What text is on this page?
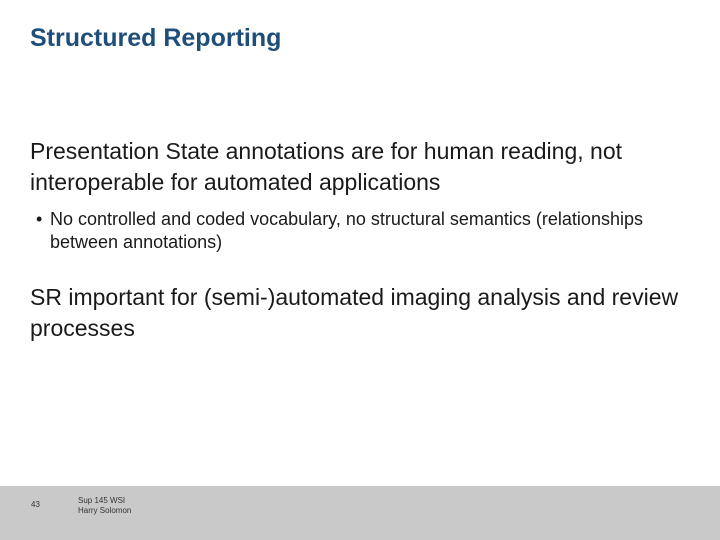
Structured Reporting

Presentation State annotations are for human reading, not interoperable for automated applications

• No controlled and coded vocabulary, no structural semantics (relationships between annotations)

SR important for (semi-)automated imaging analysis and review processes

43	Sup 145 WSI
Harry Solomon
